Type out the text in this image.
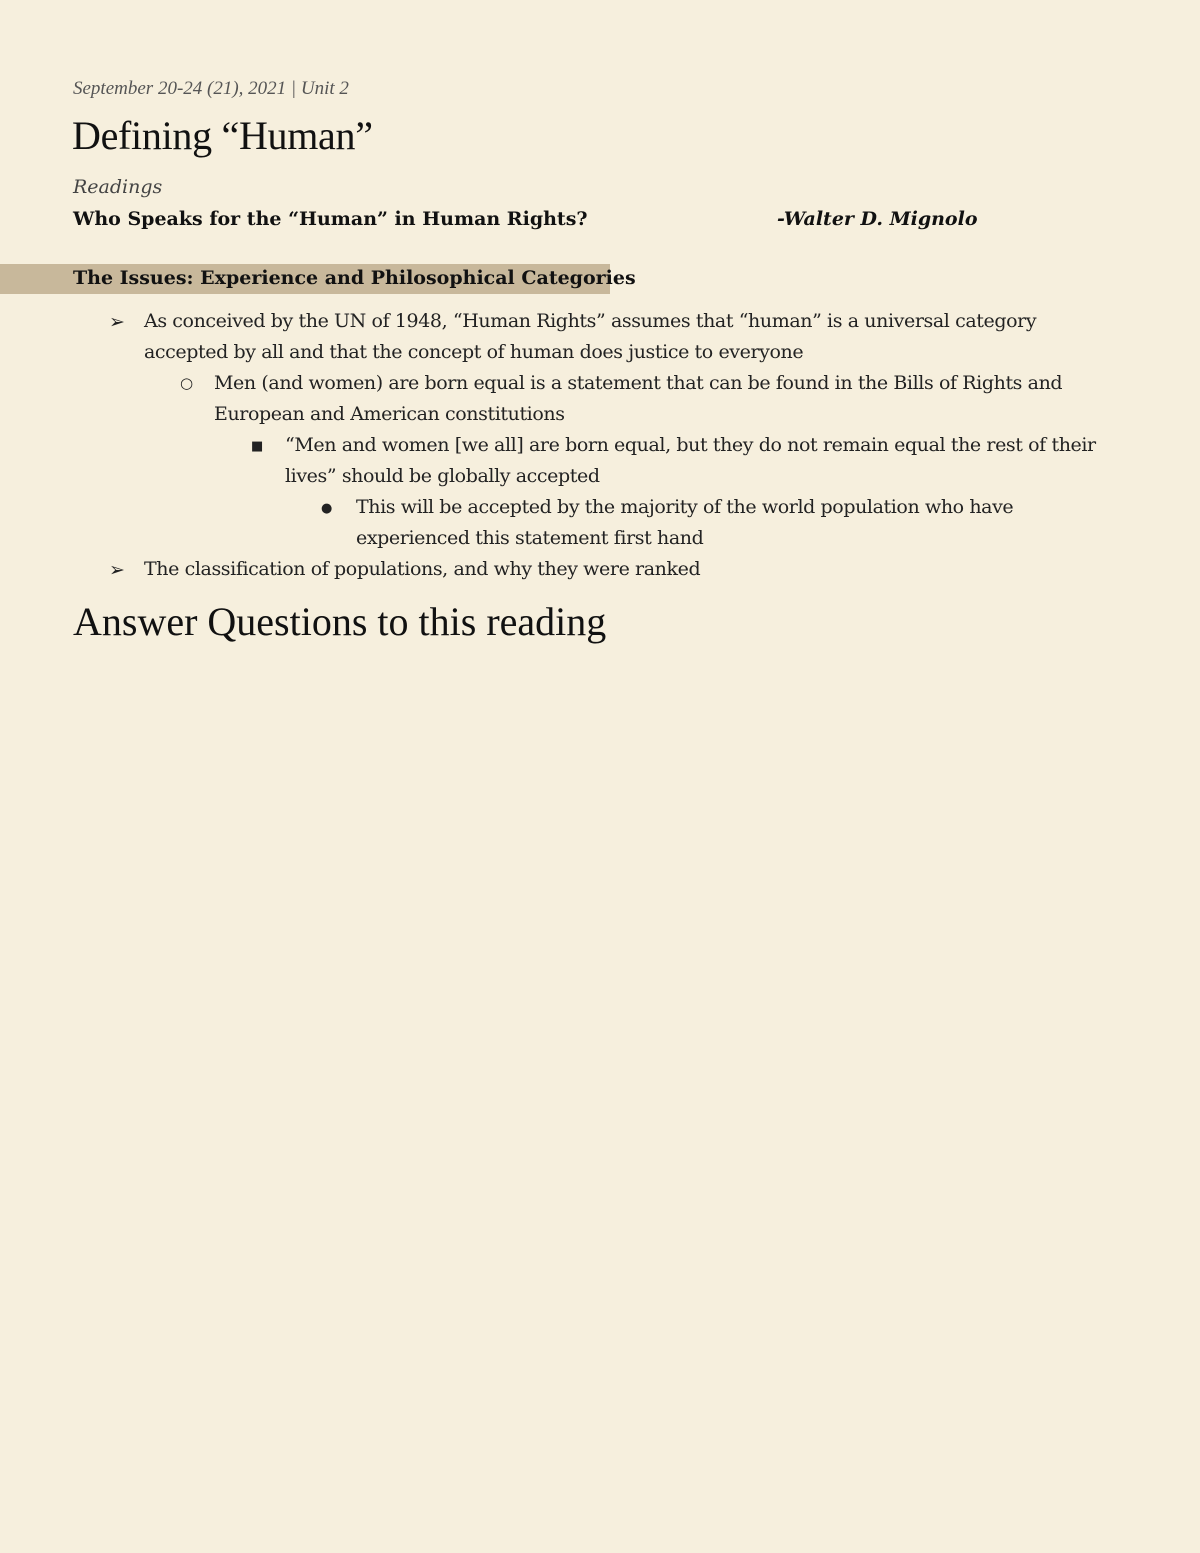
September 20-24 (21), 2021 | Unit 2
Defining “Human”
Readings
Who Speaks for the “Human” in Human Rights?	-Walter D. Mignolo
The Issues: Experience and Philosophical Categories
➢ As conceived by the UN of 1948, “Human Rights” assumes that “human” is a universal category accepted by all and that the concept of human does justice to everyone
○ Men (and women) are born equal is a statement that can be found in the Bills of Rights and European and American constitutions
■ “Men and women [we all] are born equal, but they do not remain equal the rest of their lives” should be globally accepted
● This will be accepted by the majority of the world population who have experienced this statement first hand
➢ The classification of populations, and why they were ranked
Answer Questions to this reading
